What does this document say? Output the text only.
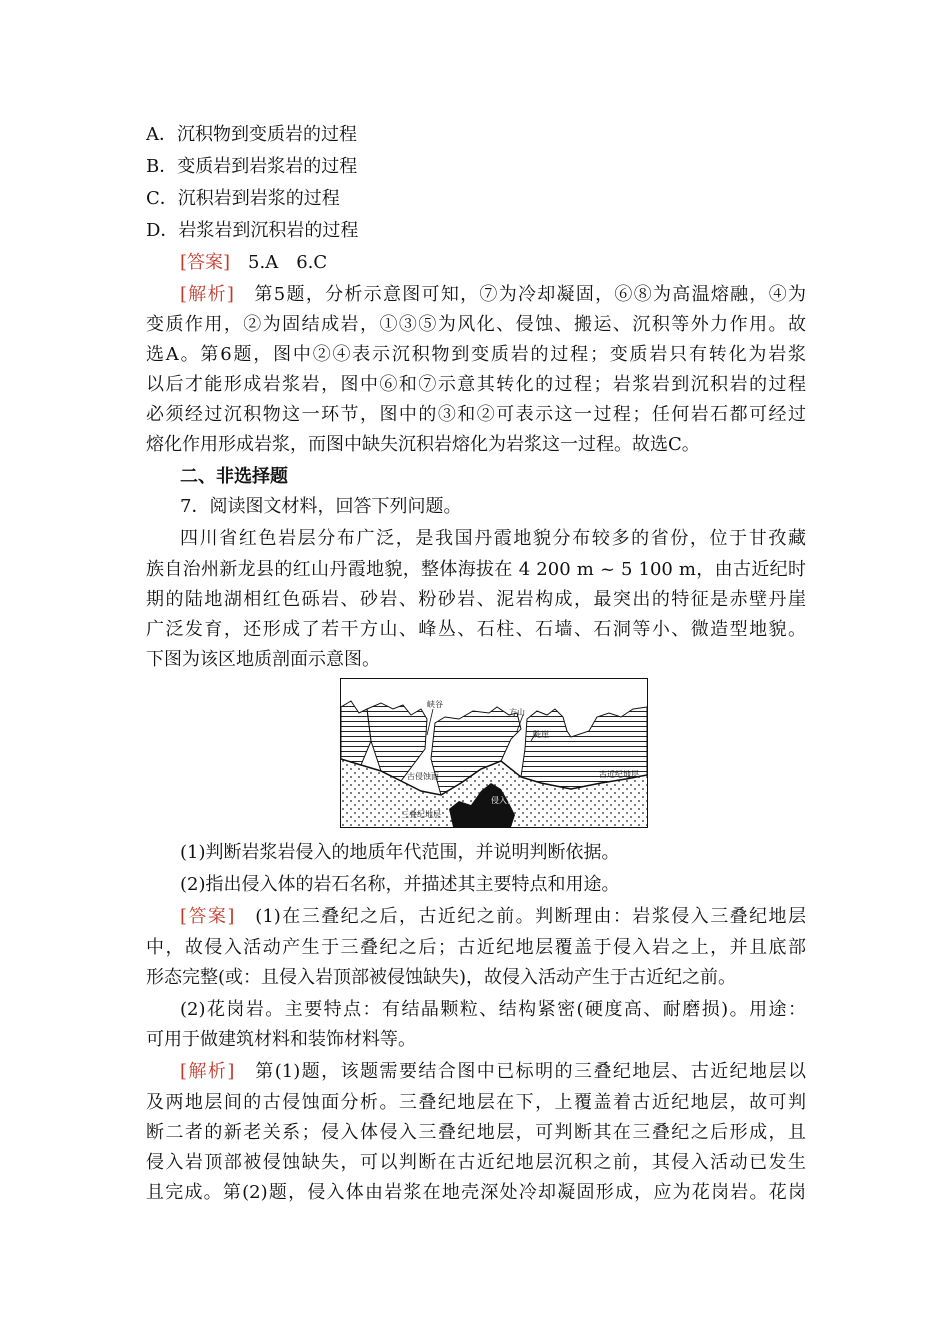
A．沉积物到变质岩的过程
B．变质岩到岩浆岩的过程
C．沉积岩到岩浆的过程
D．岩浆岩到沉积岩的过程
[答案]　5.A　6.C
[解析]　第5题，分析示意图可知，⑦为冷却凝固，⑥⑧为高温熔融，④为
变质作用，②为固结成岩，①③⑤为风化、侵蚀、搬运、沉积等外力作用。故
选A。第6题，图中②④表示沉积物到变质岩的过程；变质岩只有转化为岩浆
以后才能形成岩浆岩，图中⑥和⑦示意其转化的过程；岩浆岩到沉积岩的过程
必须经过沉积物这一环节，图中的③和②可表示这一过程；任何岩石都可经过
熔化作用形成岩浆，而图中缺失沉积岩熔化为岩浆这一过程。故选C。
二、非选择题
7．阅读图文材料，回答下列问题。
四川省红色岩层分布广泛，是我国丹霞地貌分布较多的省份，位于甘孜藏
族自治州新龙县的红山丹霞地貌，整体海拔在 4 200 m ~ 5 100 m，由古近纪时
期的陆地湖相红色砾岩、砂岩、粉砂岩、泥岩构成，最突出的特征是赤壁丹崖
广泛发育，还形成了若干方山、峰丛、石柱、石墙、石洞等小、微造型地貌。
下图为该区地质剖面示意图。
峡谷
方山
陡崖
古侵蚀面	古近纪地层
三叠纪地层
侵入体
(1)判断岩浆岩侵入的地质年代范围，并说明判断依据。
(2)指出侵入体的岩石名称，并描述其主要特点和用途。
[答案]　(1)在三叠纪之后，古近纪之前。判断理由：岩浆侵入三叠纪地层
中，故侵入活动产生于三叠纪之后；古近纪地层覆盖于侵入岩之上，并且底部
形态完整(或：且侵入岩顶部被侵蚀缺失)，故侵入活动产生于古近纪之前。
(2)花岗岩。主要特点：有结晶颗粒、结构紧密(硬度高、耐磨损)。用途：
可用于做建筑材料和装饰材料等。
[解析]　第(1)题，该题需要结合图中已标明的三叠纪地层、古近纪地层以
及两地层间的古侵蚀面分析。三叠纪地层在下，上覆盖着古近纪地层，故可判
断二者的新老关系；侵入体侵入三叠纪地层，可判断其在三叠纪之后形成，且
侵入岩顶部被侵蚀缺失，可以判断在古近纪地层沉积之前，其侵入活动已发生
且完成。第(2)题，侵入体由岩浆在地壳深处冷却凝固形成，应为花岗岩。花岗
